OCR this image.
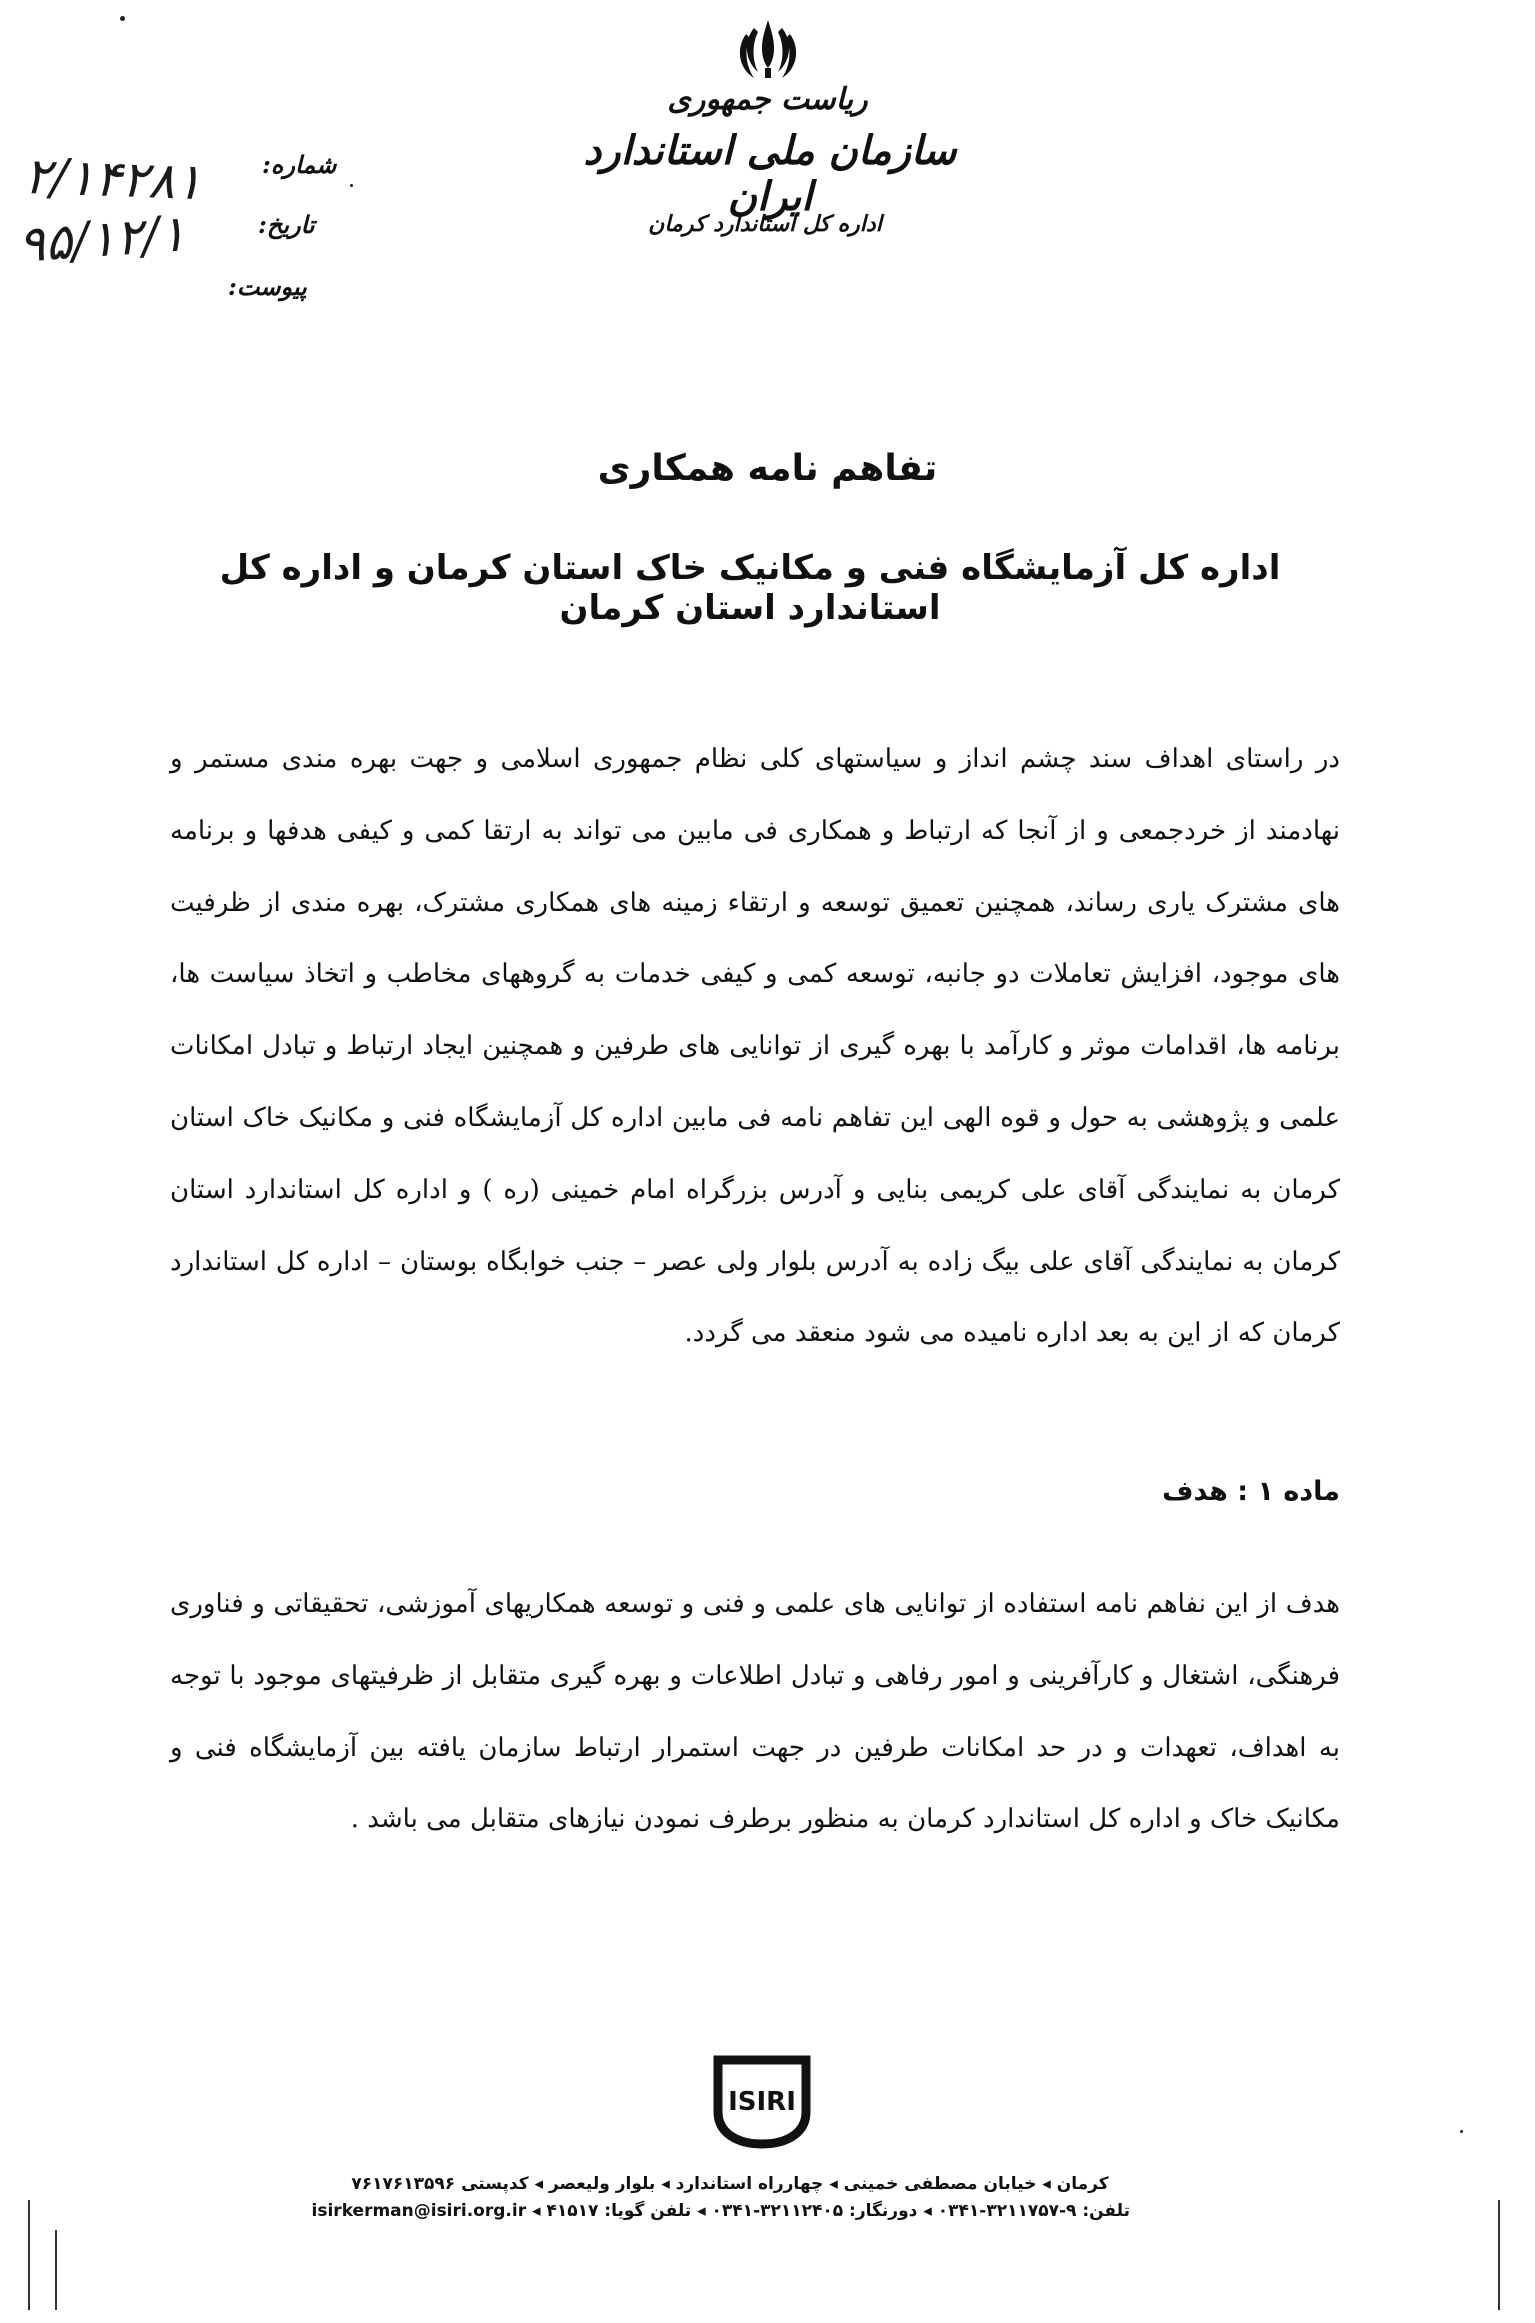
ریاست جمهوری
سازمان ملی استاندارد ایران
اداره کل استاندارد کرمان
شماره:
تاریخ:
پیوست:
۲/۱۴۲۸۱
۹۵/۱۲/۱
تفاهم نامه همکاری
اداره کل آزمایشگاه فنی و مکانیک خاک استان کرمان و اداره کل استاندارد استان کرمان
در راستای اهداف سند چشم انداز و سیاستهای کلی نظام جمهوری اسلامی و جهت بهره مندی مستمر و نهادمند از خردجمعی و از آنجا که ارتباط و همکاری فی مابین می تواند به ارتقا کمی و کیفی هدفها و برنامه های مشترک یاری رساند، همچنین تعمیق توسعه و ارتقاء زمینه های همکاری مشترک، بهره مندی از ظرفیت های موجود، افزایش تعاملات دو جانبه، توسعه کمی و کیفی خدمات به گروههای مخاطب و اتخاذ سیاست ها، برنامه ها، اقدامات موثر و کارآمد با بهره گیری از توانایی های طرفین و همچنین ایجاد ارتباط و تبادل امکانات علمی و پژوهشی به حول و قوه الهی این تفاهم نامه فی مابین اداره کل آزمایشگاه فنی و مکانیک خاک استان کرمان به نمایندگی آقای علی کریمی بنایی و آدرس بزرگراه امام خمینی (ره ) و اداره کل استاندارد استان کرمان به نمایندگی آقای علی بیگ زاده به آدرس بلوار ولی عصر – جنب خوابگاه بوستان – اداره کل استاندارد کرمان که از این به بعد اداره نامیده می شود منعقد می گردد.
ماده ۱ : هدف
هدف از این نفاهم نامه استفاده از توانایی های علمی و فنی و توسعه همکاریهای آموزشی، تحقیقاتی و فناوری فرهنگی، اشتغال و کارآفرینی و امور رفاهی و تبادل اطلاعات و بهره گیری متقابل از ظرفیتهای موجود با توجه به اهداف، تعهدات و در حد امکانات طرفین در جهت استمرار ارتباط سازمان یافته بین آزمایشگاه فنی و مکانیک خاک و اداره کل استاندارد کرمان به منظور برطرف نمودن نیازهای متقابل می باشد .
ISIRI
کرمان ◂ خیابان مصطفی خمینی ◂ چهارراه استاندارد ◂ بلوار ولیعصر ◂ کدپستی ۷۶۱۷۶۱۳۵۹۶
تلفن: ۹-۳۲۱۱۷۵۷-۰۳۴۱ ◂ دورنگار: ۳۲۱۱۲۴۰۵-۰۳۴۱ ◂ تلفن گویا: ۴۱۵۱۷ ◂ isirkerman@isiri.org.ir
